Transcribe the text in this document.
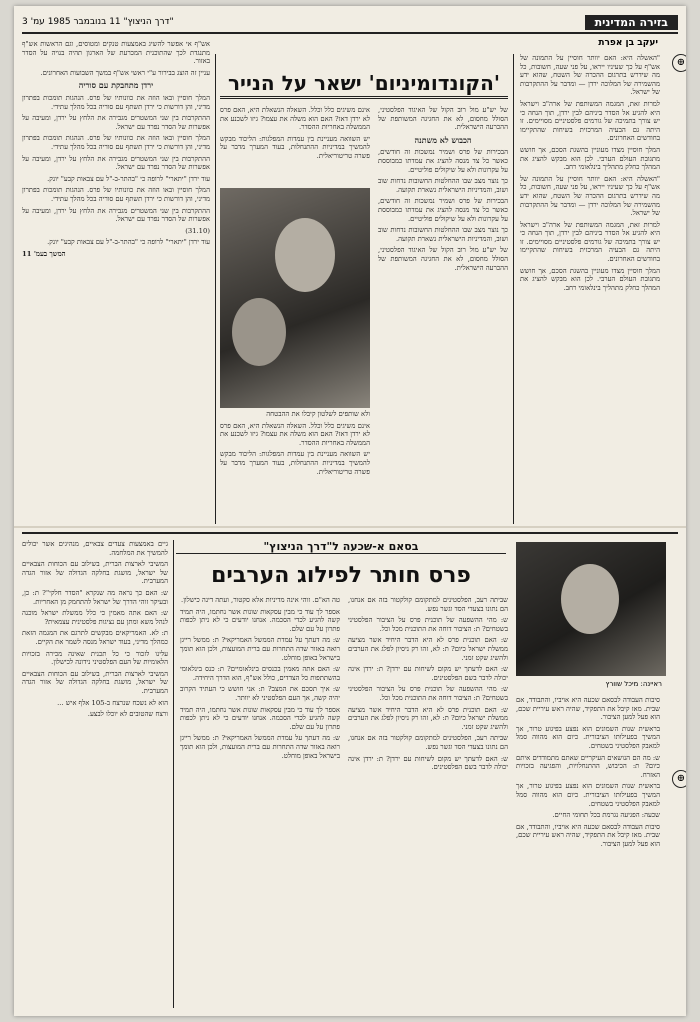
בזירה המדינית
"דרך הניצוץ" 11 בנובמבר 1985 עמ' 3
⊕
יעקב בן אפרת

"האשלה היא: האם יוותר חוסיין על התמונה של אש"ף על כך שעיניו ייראו, על פני שעה, חשובות, כל מה שידרש בתרגום ההכרה של השטח, שהוא ידע מהשמירה של המלוכה ירדן — ומדבר על ההתקרבות של ישראל.

למרות זאת, המגמה המשותפת של ארה"ב וישראל היא להגיע אל הסדר ביניהם לבין ירדן, תוך הנחה כי יש צורך בתמיכה של גורמים פלסטיניים מסויימים. זו היתה גם הבעיה המרכזית בשיחות שהתקיימו בחודשים האחרונים.

המלך חוסיין מצדו מעוניין בהשגת הסכם, אך חושש מתגובת העולם הערבי. לכן הוא מבקש להציג את המהלך כחלק מתהליך בינלאומי רחב.

"האשלה היא: האם יוותר חוסיין על התמונה של אש"ף על כך שעיניו ייראו, על פני שעה, חשובות, כל מה שידרש בתרגום ההכרה של השטח, שהוא ידע מהשמירה של המלוכה ירדן — ומדבר על ההתקרבות של ישראל.

למרות זאת, המגמה המשותפת של ארה"ב וישראל היא להגיע אל הסדר ביניהם לבין ירדן, תוך הנחה כי יש צורך בתמיכה של גורמים פלסטיניים מסויימים. זו היתה גם הבעיה המרכזית בשיחות שהתקיימו בחודשים האחרונים.

המלך חוסיין מצדו מעוניין בהשגת הסכם, אך חושש מתגובת העולם הערבי. לכן הוא מבקש להציג את המהלך כחלק מתהליך בינלאומי רחב.

של יש"ע מול רוב הקול של האיגוד הפלסטיני, הסולל מחסום, לא את החגיגה המשותפת של ההכרעה הישראלית.

הכבוש לא משתנה

הבכירות של פרס ושמיר נמשכות זה חודשים, כאשר כל צד מנסה להציג את עמדתו כמבוססת על עקרונות ולא על שיקולים פוליטיים.

כך נוצר מצב שבו ההחלטות החשובות נדחות שוב ושוב, והמדיניות הישראלית נשארת תקועה.

הבכירות של פרס ושמיר נמשכות זה חודשים, כאשר כל צד מנסה להציג את עמדתו כמבוססת על עקרונות ולא על שיקולים פוליטיים.

כך נוצר מצב שבו ההחלטות החשובות נדחות שוב ושוב, והמדיניות הישראלית נשארת תקועה.

של יש"ע מול רוב הקול של האיגוד הפלסטיני, הסולל מחסום, לא את החגיגה המשותפת של ההכרעה הישראלית.

'הקונדומיניום' ישאר על הנייר

אינם משיגים כלל וכלל. השאלה הנשאלת היא, האם פרס לא ירדן דאז? האם הוא משלה את עצמו? גיזו לשכנע את הממשלה באחריות ההסדר.

יש השוואה מעניינת בין עמדות המפלגות: הליכוד מבקש להמשיך במדיניות ההתנחלות, בעוד המערך מדבר על פשרה טריטוריאלית.

ולא שותפים לשלטון קיבלו את ההבטחה

אינם משיגים כלל וכלל. השאלה הנשאלת היא, האם פרס לא ירדן דאז? האם הוא משלה את עצמו? גיזו לשכנע את הממשלה באחריות ההסדר.

יש השוואה מעניינת בין עמדות המפלגות: הליכוד מבקש להמשיך במדיניות ההתנחלות, בעוד המערך מדבר על פשרה טריטוריאלית.

אש"ף אי אפשר להשיג באמצעות טנקים ומטוסים, וגם הראשות אש"ף מתנגדת לכך שהתוכנית המכרעת של הארגון תהיה בנויה על הסדר באזור.

עניין זה הוצג בבירור ע"י ראשי אש"ף במשך השבועות האחרונים.

ירדן מתחבקת עם סוריה

המלך חוסיין ובאו הוזה את כוונותיו של פרס. הנהגות תומכות בפתרון מדיני, והן דורשות כי ירדן תשתף עם סוריה בכל מהלך עתידי.

ההתקרבות בין שני המשטרים מגבירה את הלחץ על ירדן, ומעיבה על אפשרות של הסדר נפרד עם ישראל.

המלך חוסיין ובאו הוזה את כוונותיו של פרס. הנהגות תומכות בפתרון מדיני, והן דורשות כי ירדן תשתף עם סוריה בכל מהלך עתידי.

ההתקרבות בין שני המשטרים מגבירה את הלחץ על ירדן, ומעיבה על אפשרות של הסדר נפרד עם ישראל.

עוד ירדן "יתארי" לרופה כי "בהתר-ב-"ל עם צבאות קבע" יונק.

המלך חוסיין ובאו הוזה את כוונותיו של פרס. הנהגות תומכות בפתרון מדיני, והן דורשות כי ירדן תשתף עם סוריה בכל מהלך עתידי.

ההתקרבות בין שני המשטרים מגבירה את הלחץ על ירדן, ומעיבה על אפשרות של הסדר נפרד עם ישראל.

(31.10)

עוד ירדן "יתארי" לרופה כי "בהתר-ב-"ל עם צבאות קבע" יונק.

המשך בעמ' 11

ראיינה: מיכל שוורץ
בסאם א-שכעה ל"דרך הניצוץ"
פרס חותר לפילוג הערבים
⊕

סיבות העבודה לבסאם שכעה היא אויביו, והתבודד, אם שבית. מאז קיבל את התפקיד, שהיה ראש עיריית שכם, הוא פעל למען הציבור.

בראשית שנות השמונים הוא נפצע בפיגוע טרור, אך המשיך בפעילותו הציבורית. כיום הוא מהווה סמל למאבק הפלסטיני בשטחים.

ש: מה הם הנושאים העיקריים שאתם מתמודדים איתם כיום? ת: הכיבוש, ההתנחלויות, והפגיעה בזכויות האזרח.

בראשית שנות השמונים הוא נפצע בפיגוע טרור, אך המשיך בפעילותו הציבורית. כיום הוא מהווה סמל למאבק הפלסטיני בשטחים.

שכעה: הפגיעה נגרמת בכל תחומי החיים.

סיבות העבודה לבסאם שכעה היא אויביו, והתבודד, אם שבית. מאז קיבל את התפקיד, שהיה ראש עיריית שכם, הוא פעל למען הציבור.

שביתה רעב, הפלסטינים למתקומם קולקטור בזה אם אנחנו, הם נתונו בצעדי הסד וגשר נפש.

ש: מהי ההשפעה של תוכנית פרס על הציבור הפלסטיני בשטחים? ת: הציבור דוחה את התוכנית מכל וכל.

ש: האם תוכנית פרס לא היא הדבר היחיד אשר מציעה ממשלת ישראל כיום? ת: לא, זהו רק ניסיון לפלג את הערבים ולהשיג שקט זמני.

ש: האם לדעתך יש מקום לשיחות עם ירדן? ת: ירדן אינה יכולה לדבר בשם הפלסטינים.

ש: מהי ההשפעה של תוכנית פרס על הציבור הפלסטיני בשטחים? ת: הציבור דוחה את התוכנית מכל וכל.

ש: האם תוכנית פרס לא היא הדבר היחיד אשר מציעה ממשלת ישראל כיום? ת: לא, זהו רק ניסיון לפלג את הערבים ולהשיג שקט זמני.

שביתה רעב, הפלסטינים למתקומם קולקטור בזה אם אנחנו, הם נתונו בצעדי הסד וגשר נפש.

ש: האם לדעתך יש מקום לשיחות עם ירדן? ת: ירדן אינה יכולה לדבר בשם הפלסטינים.

טה הא"ם. זוהי אינה מדיניות אלא סקטור, ועתה דינה כישלון.

אספר לך עוד כי מבין עסקאות שונות אשר נחתמו, היה תמיד קשה להגיע לכדי הסכמה. אנחנו יודעים כי לא ניתן לכפות פתרון על עם שלם.

ש: מה דעתך על עמדת הממשל האמריקאי? ת: ממשל רייגן רואה באזור שדה התחרות עם ברית המועצות, ולכן הוא תומך בישראל באופן מוחלט.

ש: האם אתה מאמין בכנסים בינלאומיים? ת: כנס בינלאומי בהשתתפות כל הצדדים, כולל אש"ף, הוא הדרך היחידה.

ש: איך תסכם את המצב? ת: אני חושש כי העתיד הקרוב יהיה קשה, אך העם הפלסטיני לא יוותר.

אספר לך עוד כי מבין עסקאות שונות אשר נחתמו, היה תמיד קשה להגיע לכדי הסכמה. אנחנו יודעים כי לא ניתן לכפות פתרון על עם שלם.

ש: מה דעתך על עמדת הממשל האמריקאי? ת: ממשל רייגן רואה באזור שדה התחרות עם ברית המועצות, ולכן הוא תומך בישראל באופן מוחלט.

גיים באמצעות צעדים צבאיים, מנהיגים אשר יכולים להמשיך את המלחמה.

המשיבי לארצות הברית, בשילוב עם הכוחות הצבאיים של ישראל, מושגת בחלקה הגדולה של אזור הגדה המערבית.

ש: האם כך נראה מה שנקרא "הסדר חלקי"? ת: כן, ובעיקר זוהי הדרך של ישראל להתחמק מן האחריות.

ש: האם אתה מאמין כי כלל ממשלת ישראל מוכנה לנהל משא ומתן עם נציגות פלסטינית עצמאית?

ת: לא. האמריקאים מבקשים לתרגם את המגמה הזאת כמהלך מדיני, בעוד ישראל מנסה לשמר את הקיים.

עלינו לזכור כי כל תכנית שאינה מכירה בזכויות הלאומיות של העם הפלסטיני נידונה לכישלון.

המשיבי לארצות הברית, בשילוב עם הכוחות הצבאיים של ישראל, מושגת בחלקה הגדולה של אזור הגדה המערבית.

הוא לא נשכח שנרצח ב-105 אלף איש ...

ורצח שהטובים לא יוכלו לבצע.
